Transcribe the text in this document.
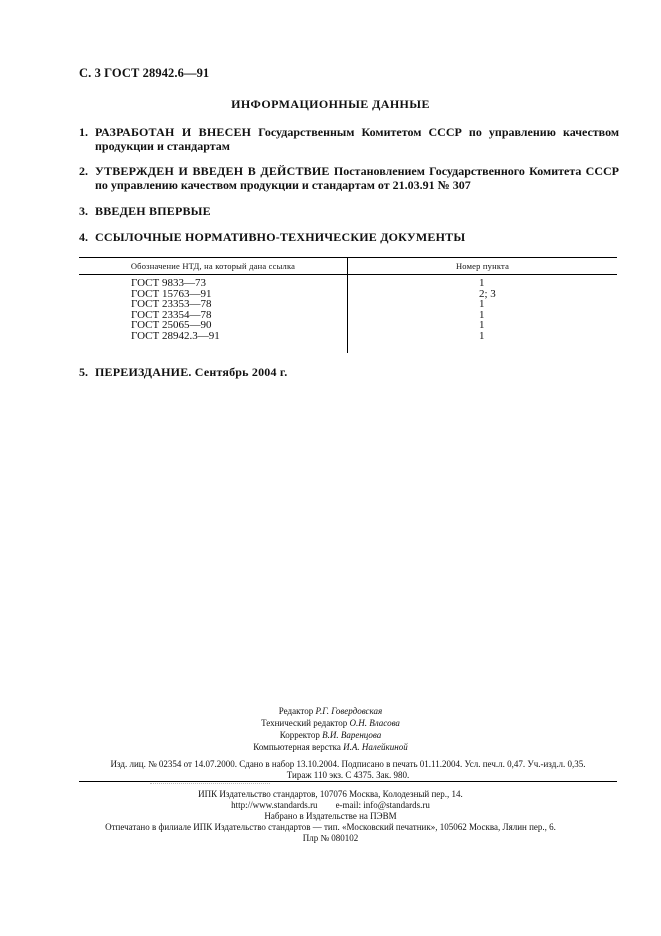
С. 3 ГОСТ 28942.6—91
ИНФОРМАЦИОННЫЕ ДАННЫЕ
1. РАЗРАБОТАН И ВНЕСЕН Государственным Комитетом СССР по управлению качеством продукции и стандартам
2. УТВЕРЖДЕН И ВВЕДЕН В ДЕЙСТВИЕ Постановлением Государственного Комитета СССР по управлению качеством продукции и стандартам от 21.03.91 № 307
3. ВВЕДЕН ВПЕРВЫЕ
4. ССЫЛОЧНЫЕ НОРМАТИВНО-ТЕХНИЧЕСКИЕ ДОКУМЕНТЫ
Обозначение НТД, на который дана ссылка	Номер пункта
ГОСТ 9833—73	1
ГОСТ 15763—91	2; 3
ГОСТ 23353—78	1
ГОСТ 23354—78	1
ГОСТ 25065—90	1
ГОСТ 28942.3—91	1
5. ПЕРЕИЗДАНИЕ. Сентябрь 2004 г.
Редактор Р.Г. Говердовская
Технический редактор О.Н. Власова
Корректор В.И. Варенцова
Компьютерная верстка И.А. Налейкиной
Изд. лиц. № 02354 от 14.07.2000. Сдано в набор 13.10.2004. Подписано в печать 01.11.2004. Усл. печ.л. 0,47. Уч.-изд.л. 0,35.
Тираж 110 экз. С 4375. Зак. 980.
ИПК Издательство стандартов, 107076 Москва, Колодезный пер., 14.
http://www.standards.ru e-mail: info@standards.ru
Набрано в Издательстве на ПЭВМ
Отпечатано в филиале ИПК Издательство стандартов — тип. «Московский печатник», 105062 Москва, Лялин пер., 6.
Плр № 080102
